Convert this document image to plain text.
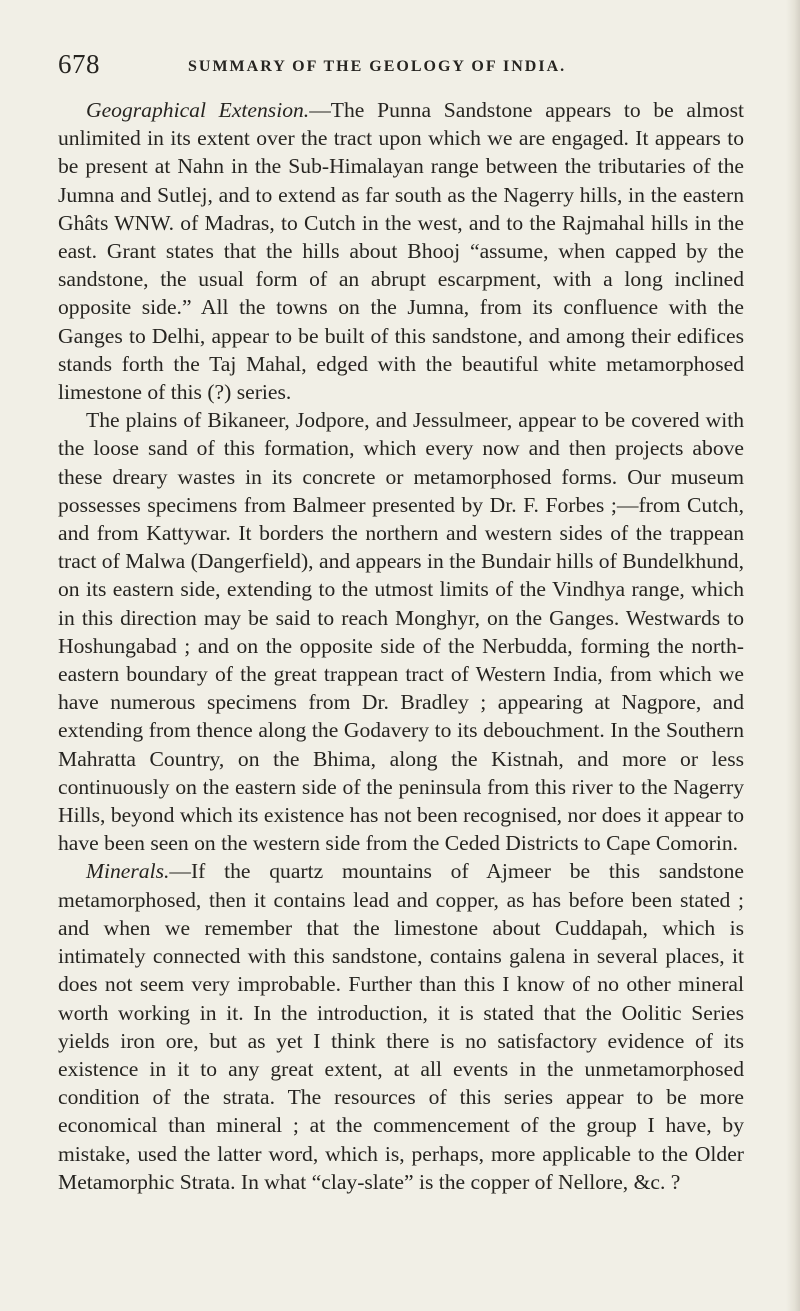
678	SUMMARY OF THE GEOLOGY OF INDIA.

Geographical Extension.—The Punna Sandstone appears to be almost unlimited in its extent over the tract upon which we are engaged. It appears to be present at Nahn in the Sub-Himalayan range between the tributaries of the Jumna and Sutlej, and to extend as far south as the Nagerry hills, in the eastern Ghâts WNW. of Madras, to Cutch in the west, and to the Rajmahal hills in the east. Grant states that the hills about Bhooj “assume, when capped by the sandstone, the usual form of an abrupt escarpment, with a long inclined opposite side.” All the towns on the Jumna, from its confluence with the Ganges to Delhi, appear to be built of this sandstone, and among their edifices stands forth the Taj Mahal, edged with the beautiful white metamorphosed limestone of this (?) series.

The plains of Bikaneer, Jodpore, and Jessulmeer, appear to be covered with the loose sand of this formation, which every now and then projects above these dreary wastes in its concrete or metamorphosed forms. Our museum possesses specimens from Balmeer presented by Dr. F. Forbes ;—from Cutch, and from Kattywar. It borders the northern and western sides of the trappean tract of Malwa (Dangerfield), and appears in the Bundair hills of Bundelkhund, on its eastern side, extending to the utmost limits of the Vindhya range, which in this direction may be said to reach Monghyr, on the Ganges. Westwards to Hoshungabad ; and on the opposite side of the Nerbudda, forming the north-eastern boundary of the great trappean tract of Western India, from which we have numerous specimens from Dr. Bradley ; appearing at Nagpore, and extending from thence along the Godavery to its debouchment. In the Southern Mahratta Country, on the Bhima, along the Kistnah, and more or less continuously on the eastern side of the peninsula from this river to the Nagerry Hills, beyond which its existence has not been recognised, nor does it appear to have been seen on the western side from the Ceded Districts to Cape Comorin.

Minerals.—If the quartz mountains of Ajmeer be this sandstone metamorphosed, then it contains lead and copper, as has before been stated ; and when we remember that the limestone about Cuddapah, which is intimately connected with this sandstone, contains galena in several places, it does not seem very improbable. Further than this I know of no other mineral worth working in it. In the introduction, it is stated that the Oolitic Series yields iron ore, but as yet I think there is no satisfactory evidence of its existence in it to any great extent, at all events in the unmetamorphosed condition of the strata. The resources of this series appear to be more economical than mineral ; at the commencement of the group I have, by mistake, used the latter word, which is, perhaps, more applicable to the Older Metamorphic Strata. In what “clay-slate” is the copper of Nellore, &c. ?
